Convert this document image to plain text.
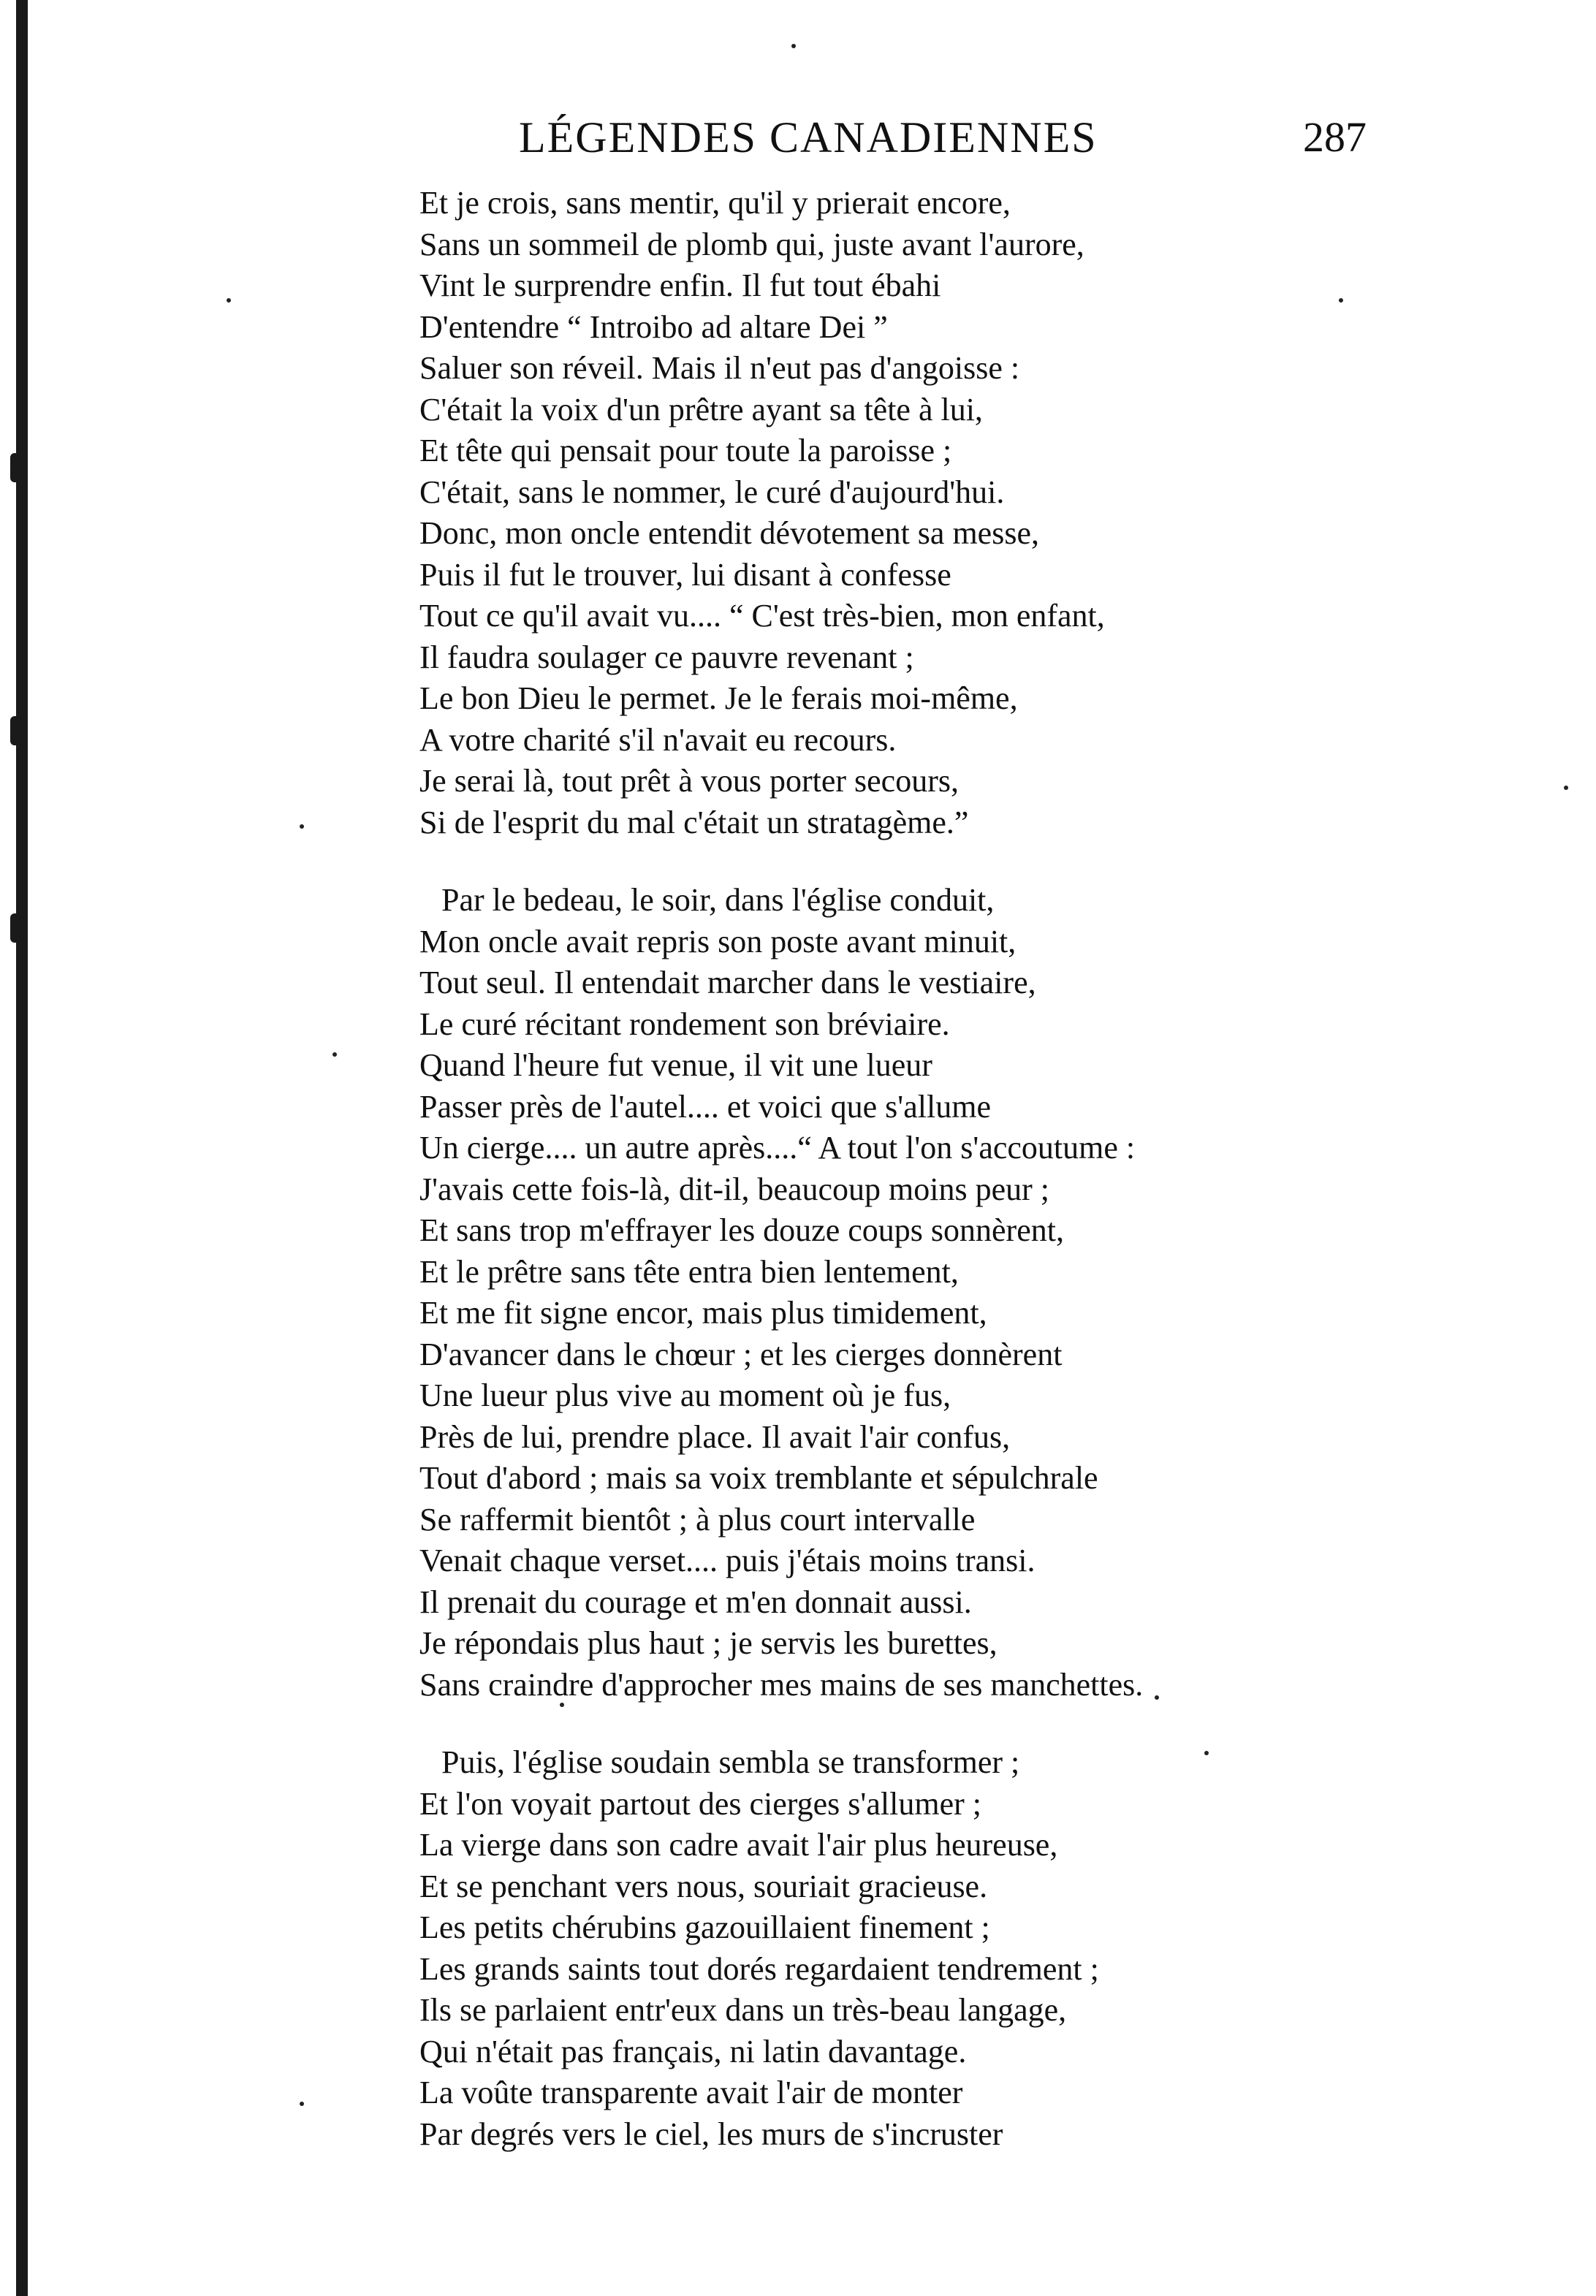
LÉGENDES CANADIENNES	287
Et je crois, sans mentir, qu'il y prierait encore,
Sans un sommeil de plomb qui, juste avant l'aurore,
Vint le surprendre enfin. Il fut tout ébahi
D'entendre “ Introibo ad altare Dei ”
Saluer son réveil. Mais il n'eut pas d'angoisse :
C'était la voix d'un prêtre ayant sa tête à lui,
Et tête qui pensait pour toute la paroisse ;
C'était, sans le nommer, le curé d'aujourd'hui.
Donc, mon oncle entendit dévotement sa messe,
Puis il fut le trouver, lui disant à confesse
Tout ce qu'il avait vu.... “ C'est très-bien, mon enfant,
Il faudra soulager ce pauvre revenant ;
Le bon Dieu le permet. Je le ferais moi-même,
A votre charité s'il n'avait eu recours.
Je serai là, tout prêt à vous porter secours,
Si de l'esprit du mal c'était un stratagème.”
Par le bedeau, le soir, dans l'église conduit,
Mon oncle avait repris son poste avant minuit,
Tout seul. Il entendait marcher dans le vestiaire,
Le curé récitant rondement son bréviaire.
Quand l'heure fut venue, il vit une lueur
Passer près de l'autel.... et voici que s'allume
Un cierge.... un autre après....“ A tout l'on s'accoutume :
J'avais cette fois-là, dit-il, beaucoup moins peur ;
Et sans trop m'effrayer les douze coups sonnèrent,
Et le prêtre sans tête entra bien lentement,
Et me fit signe encor, mais plus timidement,
D'avancer dans le chœur ; et les cierges donnèrent
Une lueur plus vive au moment où je fus,
Près de lui, prendre place. Il avait l'air confus,
Tout d'abord ; mais sa voix tremblante et sépulchrale
Se raffermit bientôt ; à plus court intervalle
Venait chaque verset.... puis j'étais moins transi.
Il prenait du courage et m'en donnait aussi.
Je répondais plus haut ; je servis les burettes,
Sans craindre d'approcher mes mains de ses manchettes.
Puis, l'église soudain sembla se transformer ;
Et l'on voyait partout des cierges s'allumer ;
La vierge dans son cadre avait l'air plus heureuse,
Et se penchant vers nous, souriait gracieuse.
Les petits chérubins gazouillaient finement ;
Les grands saints tout dorés regardaient tendrement ;
Ils se parlaient entr'eux dans un très-beau langage,
Qui n'était pas français, ni latin davantage.
La voûte transparente avait l'air de monter
Par degrés vers le ciel, les murs de s'incruster
